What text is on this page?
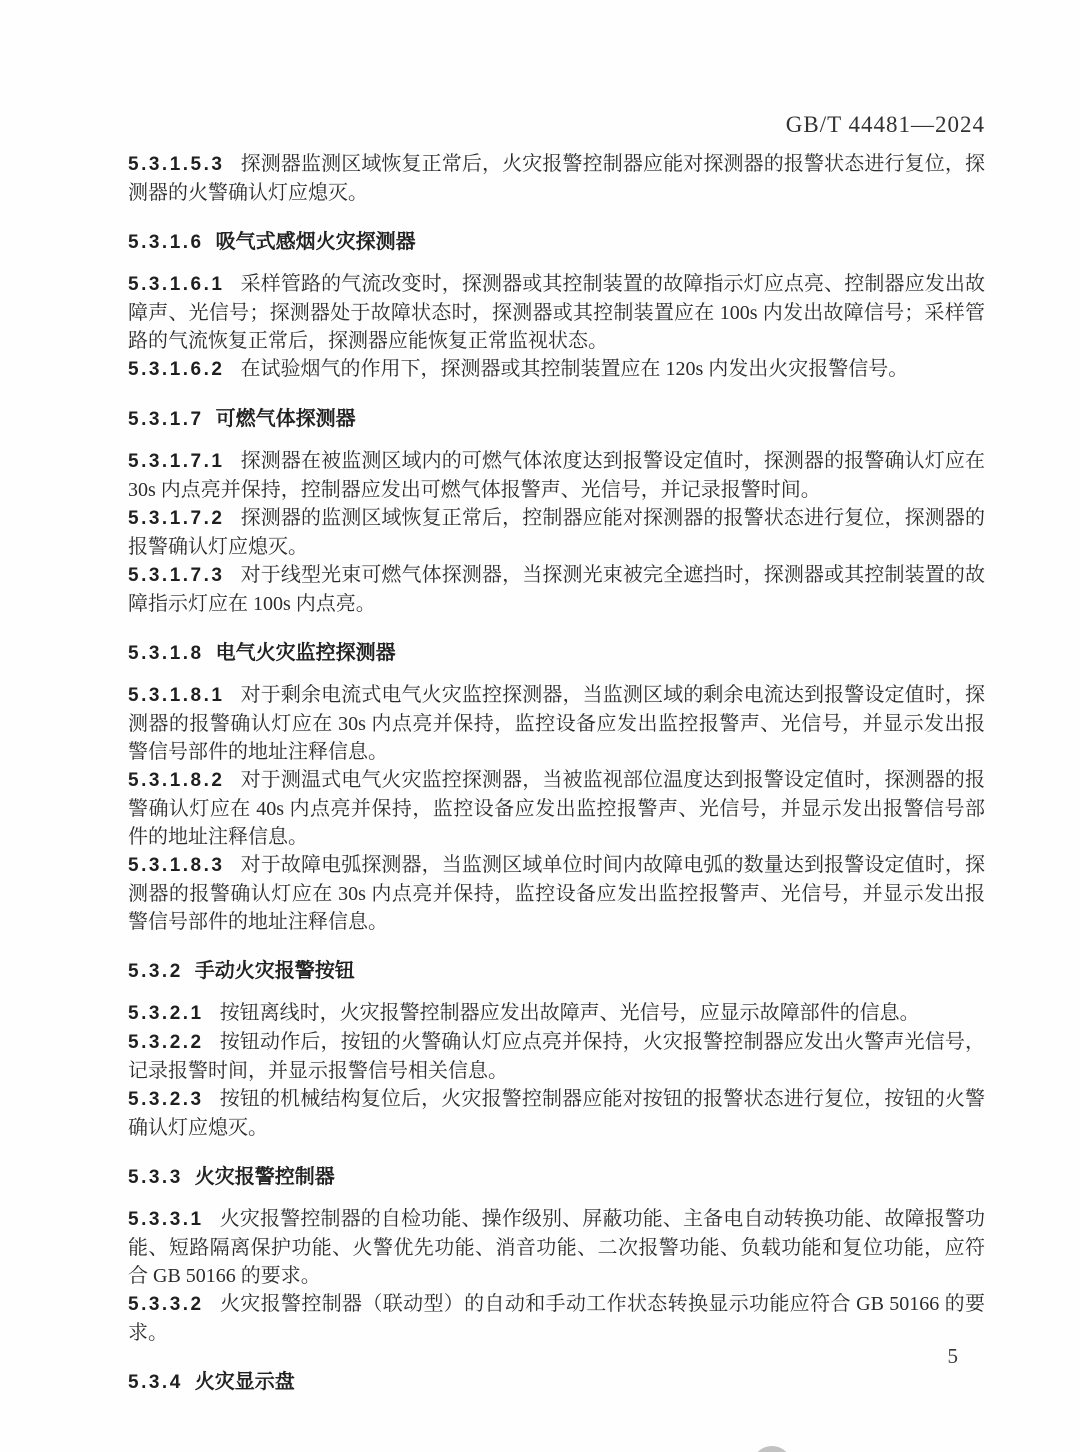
GB/T 44481—2024

5.3.1.5.3 探测器监测区域恢复正常后，火灾报警控制器应能对探测器的报警状态进行复位，探测器的火警确认灯应熄灭。

5.3.1.6 吸气式感烟火灾探测器

5.3.1.6.1 采样管路的气流改变时，探测器或其控制装置的故障指示灯应点亮、控制器应发出故障声、光信号；探测器处于故障状态时，探测器或其控制装置应在 100s 内发出故障信号；采样管路的气流恢复正常后，探测器应能恢复正常监视状态。

5.3.1.6.2 在试验烟气的作用下，探测器或其控制装置应在 120s 内发出火灾报警信号。

5.3.1.7 可燃气体探测器

5.3.1.7.1 探测器在被监测区域内的可燃气体浓度达到报警设定值时，探测器的报警确认灯应在 30s 内点亮并保持，控制器应发出可燃气体报警声、光信号，并记录报警时间。

5.3.1.7.2 探测器的监测区域恢复正常后，控制器应能对探测器的报警状态进行复位，探测器的报警确认灯应熄灭。

5.3.1.7.3 对于线型光束可燃气体探测器，当探测光束被完全遮挡时，探测器或其控制装置的故障指示灯应在 100s 内点亮。

5.3.1.8 电气火灾监控探测器

5.3.1.8.1 对于剩余电流式电气火灾监控探测器，当监测区域的剩余电流达到报警设定值时，探测器的报警确认灯应在 30s 内点亮并保持，监控设备应发出监控报警声、光信号，并显示发出报警信号部件的地址注释信息。

5.3.1.8.2 对于测温式电气火灾监控探测器，当被监视部位温度达到报警设定值时，探测器的报警确认灯应在 40s 内点亮并保持，监控设备应发出监控报警声、光信号，并显示发出报警信号部件的地址注释信息。

5.3.1.8.3 对于故障电弧探测器，当监测区域单位时间内故障电弧的数量达到报警设定值时，探测器的报警确认灯应在 30s 内点亮并保持，监控设备应发出监控报警声、光信号，并显示发出报警信号部件的地址注释信息。

5.3.2 手动火灾报警按钮

5.3.2.1 按钮离线时，火灾报警控制器应发出故障声、光信号，应显示故障部件的信息。

5.3.2.2 按钮动作后，按钮的火警确认灯应点亮并保持，火灾报警控制器应发出火警声光信号，记录报警时间，并显示报警信号相关信息。

5.3.2.3 按钮的机械结构复位后，火灾报警控制器应能对按钮的报警状态进行复位，按钮的火警确认灯应熄灭。

5.3.3 火灾报警控制器

5.3.3.1 火灾报警控制器的自检功能、操作级别、屏蔽功能、主备电自动转换功能、故障报警功能、短路隔离保护功能、火警优先功能、消音功能、二次报警功能、负载功能和复位功能，应符合 GB 50166 的要求。

5.3.3.2 火灾报警控制器（联动型）的自动和手动工作状态转换显示功能应符合 GB 50166 的要求。

5.3.4 火灾显示盘

5
